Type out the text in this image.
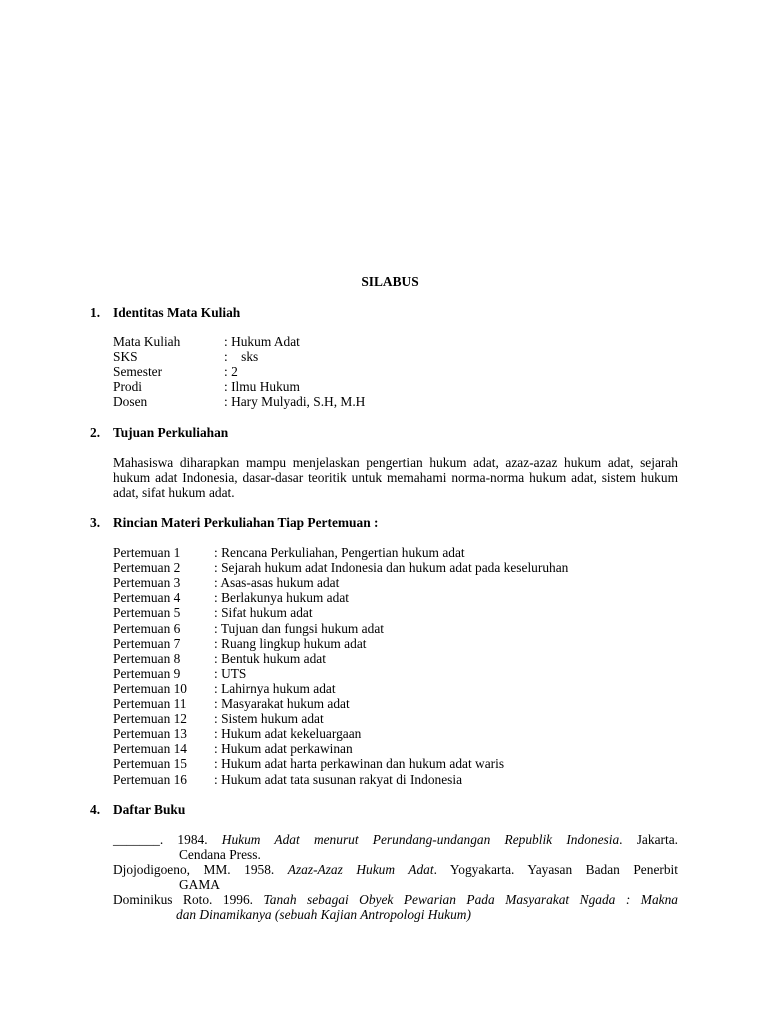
SILABUS
1. Identitas Mata Kuliah
Mata Kuliah	: Hukum Adat
SKS	:    sks
Semester	: 2
Prodi	: Ilmu Hukum
Dosen	: Hary Mulyadi, S.H, M.H
2. Tujuan Perkuliahan
Mahasiswa diharapkan mampu menjelaskan pengertian hukum adat, azaz-azaz hukum adat, sejarah hukum adat Indonesia, dasar-dasar teoritik untuk memahami norma-norma hukum adat, sistem hukum adat, sifat hukum adat.
3. Rincian Materi Perkuliahan Tiap Pertemuan :
Pertemuan 1	: Rencana Perkuliahan, Pengertian hukum adat
Pertemuan 2	: Sejarah hukum adat Indonesia dan hukum adat pada keseluruhan
Pertemuan 3	: Asas-asas hukum adat
Pertemuan 4	: Berlakunya hukum adat
Pertemuan 5	: Sifat hukum adat
Pertemuan 6	: Tujuan dan fungsi hukum adat
Pertemuan 7	: Ruang lingkup hukum adat
Pertemuan 8	: Bentuk hukum adat
Pertemuan 9	: UTS
Pertemuan 10 : Lahirnya hukum adat
Pertemuan 11 : Masyarakat hukum adat
Pertemuan 12 : Sistem hukum adat
Pertemuan 13 : Hukum adat kekeluargaan
Pertemuan 14 : Hukum adat perkawinan
Pertemuan 15 : Hukum adat harta perkawinan dan hukum adat waris
Pertemuan 16 : Hukum adat tata susunan rakyat di Indonesia
4. Daftar Buku
_______. 1984. Hukum Adat menurut Perundang-undangan Republik Indonesia. Jakarta.
Cendana Press.
Djojodigoeno, MM. 1958. Azaz-Azaz Hukum Adat. Yogyakarta. Yayasan Badan Penerbit
GAMA
Dominikus Roto. 1996. Tanah sebagai Obyek Pewarian Pada Masyarakat Ngada : Makna
dan Dinamikanya (sebuah Kajian Antropologi Hukum)
